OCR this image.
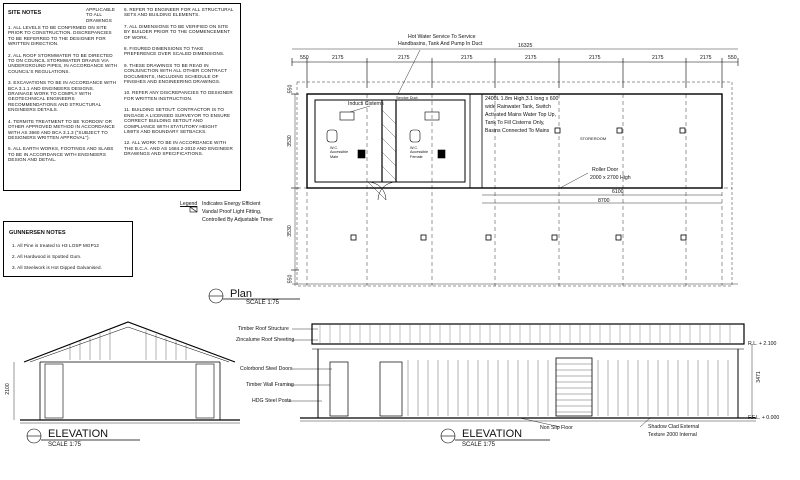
SITE NOTES
APPLICABLE TO ALL DRAWINGS
1. ALL LEVELS TO BE CONFIRMED ON SITE PRIOR TO CONSTRUCTION. DISCREPANCIES TO BE REFERRED TO THE DESIGNER FOR WRITTEN DIRECTION.
2. ALL ROOF STORMWATER TO BE DIRECTED TO ON COUNCIL STORMWATER DRAINS VIA UNDERGROUND PIPES, IN ACCORDANCE WITH COUNCIL'S REGULATIONS.
3. EXCAVATIONS TO BE IN ACCORDANCE WITH BCA 3.1.1 AND ENGINEERS DESIGNS. DRAINAGE WORK TO COMPLY WITH GEOTECHNICAL ENGINEERS RECOMMENDATIONS AND STRUCTURAL ENGINEERS DETAILS.
4. TERMITE TREATMENT TO BE 'KORDON' OR OTHER APPROVED METHOD IN ACCORDANCE WITH AS 3660 AND BCA 3.1.3 ("SUBJECT TO DESIGNERS WRITTEN APPROVAL").
5. ALL EARTH WORKS, FOOTINGS AND SLABS TO BE IN ACCORDANCE WITH ENGINEERS DESIGN AND DETAIL.
6. REFER TO ENGINEER FOR ALL STRUCTURAL SETS AND BUILDING ELEMENTS.
7. ALL DIMENSIONS TO BE VERIFIED ON SITE BY BUILDER PRIOR TO THE COMMENCEMENT OF WORK.
8. FIGURED DIMENSIONS TO TAKE PREFERENCE OVER SCALED DIMENSIONS.
9. THESE DRAWINGS TO BE READ IN CONJUNCTION WITH ALL OTHER CONTRACT DOCUMENTS, INCLUDING SCHEDULE OF FINISHES AND ENGINEERING DRAWINGS.
10. REFER ANY DISCREPANCIES TO DESIGNER FOR WRITTEN INSTRUCTION.
11. BUILDING SETOUT: CONTRACTOR IS TO ENGAGE A LICENSED SURVEYOR TO ENSURE CORRECT BUILDING SETOUT AND COMPLIANCE WITH STATUTORY HEIGHT LIMITS AND BOUNDARY SETBACKS.
12. ALL WORK TO BE IN ACCORDANCE WITH THE B.C.A. AND AS 1684.2-2010 AND ENGINEER DRAWINGS AND SPECIFICATIONS.
GUNNERSEN NOTES
1. All Pine is treated to H3 LOSP MGP12
2. All Hardwood is Spotted Gum.
3. All Steelwork is Hot Dipped Galvanised.
Legend Indicates Energy Efficient
Vandal Proof Light Fitting,
Controlled By Adjustable Timer
Hot Water Service To Service
Handbasins, Tank And Pump In Duct	16325
550	2175	2175	2175	2175	2175	2175	2175	550
Service Duct
Inducti Cisterns
W.C. Accessible Male
W.C. Accessible Female
2400L 1.8m High,3.1 long x 600
wide Rainwater Tank, Switch
Activated Mains Water Top Up,
Tank To Fill Cisterns Only,
Basins Connected To Mains
STOREROOM
Roller Door
2000 x 2700 High
6100
8700
3530
3530
550
550
Plan
SCALE 1:75
2100
ELEVATION
SCALE 1:75
Timber Roof Structure
Zincalume Roof Sheeting
Colorbond Steel Doors
Timber Wall Framing
HDG Steel Posts
R.L. + 2.100
F.F.L. + 0.000
3471
Non Slip Floor	Shadow Clad External
Texture 2000 Internal
ELEVATION
SCALE 1:75
